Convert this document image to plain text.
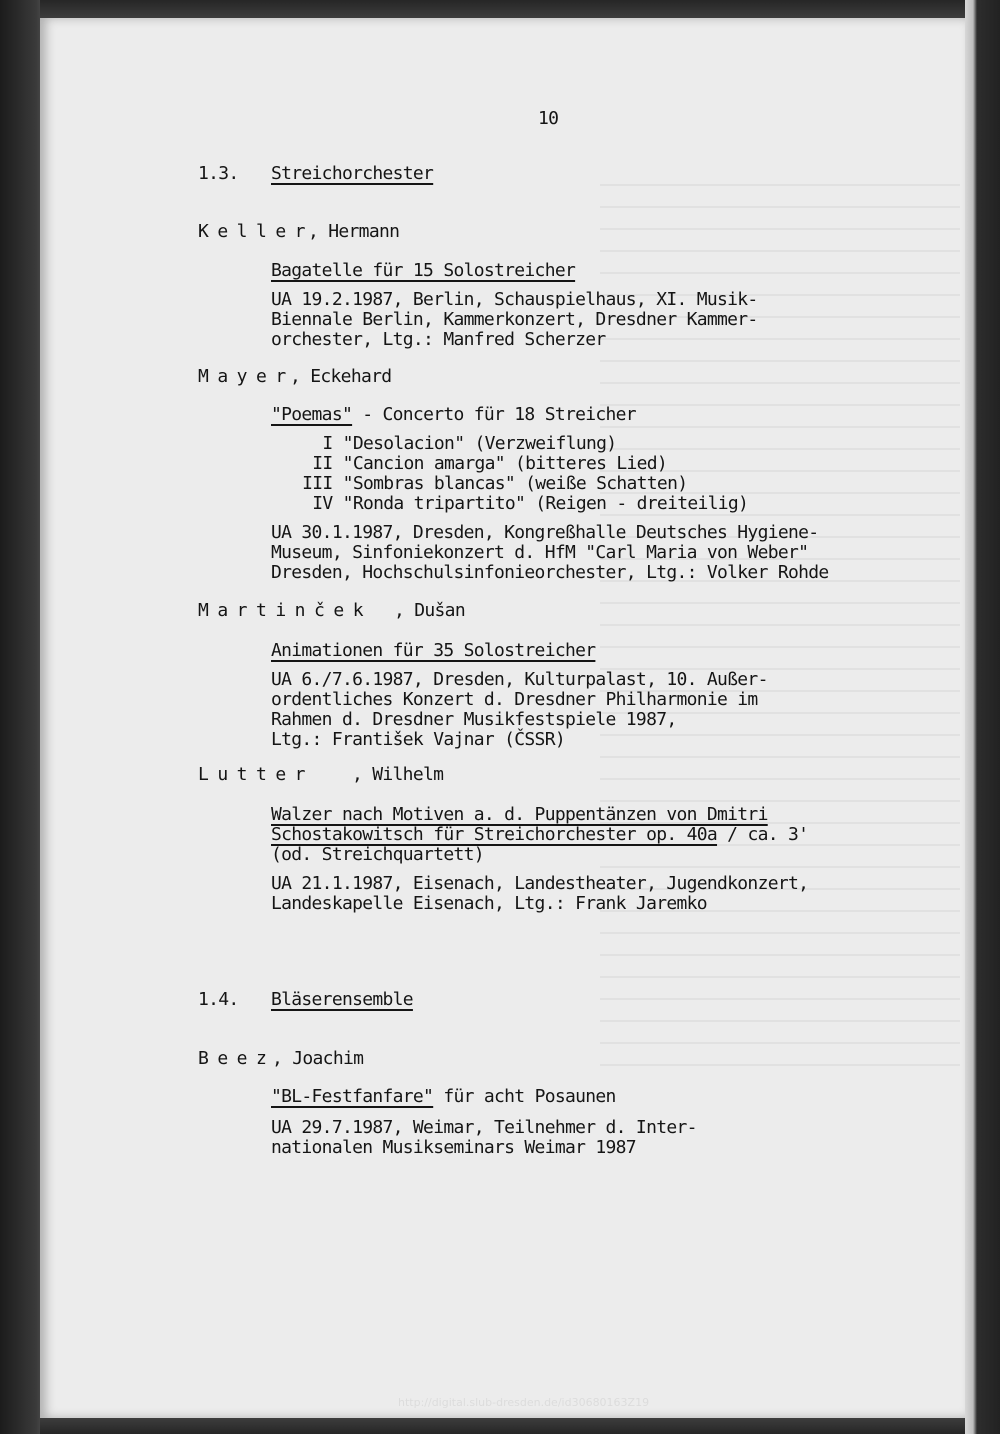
10
1.3. Streichorchester
Keller
, Hermann
Bagatelle für 15 Solostreicher
UA 19.2.1987, Berlin, Schauspielhaus, XI. Musik-
Biennale Berlin, Kammerkonzert, Dresdner Kammer-
orchester, Ltg.: Manfred Scherzer
Mayer
, Eckehard
"Poemas" - Concerto für 18 Streicher
I "Desolacion" (Verzweiflung)
II "Cancion amarga" (bitteres Lied)
III "Sombras blancas" (weiße Schatten)
IV "Ronda tripartito" (Reigen - dreiteilig)
UA 30.1.1987, Dresden, Kongreßhalle Deutsches Hygiene-
Museum, Sinfoniekonzert d. HfM "Carl Maria von Weber"
Dresden, Hochschulsinfonieorchester, Ltg.: Volker Rohde
Martinček , Dušan
Animationen für 35 Solostreicher
UA 6./7.6.1987, Dresden, Kulturpalast, 10. Außer-
ordentliches Konzert d. Dresdner Philharmonie im
Rahmen d. Dresdner Musikfestspiele 1987,
Ltg.: František Vajnar (ČSSR)
Lutter , Wilhelm
Walzer nach Motiven a. d. Puppentänzen von Dmitri
Schostakowitsch für Streichorchester op. 40a / ca. 3'
(od. Streichquartett)
UA 21.1.1987, Eisenach, Landestheater, Jugendkonzert,
Landeskapelle Eisenach, Ltg.: Frank Jaremko
1.4. Bläserensemble
Beez
, Joachim
"BL-Festfanfare" für acht Posaunen
UA 29.7.1987, Weimar, Teilnehmer d. Inter-
nationalen Musikseminars Weimar 1987
http://digital.slub-dresden.de/id30680163Z19
